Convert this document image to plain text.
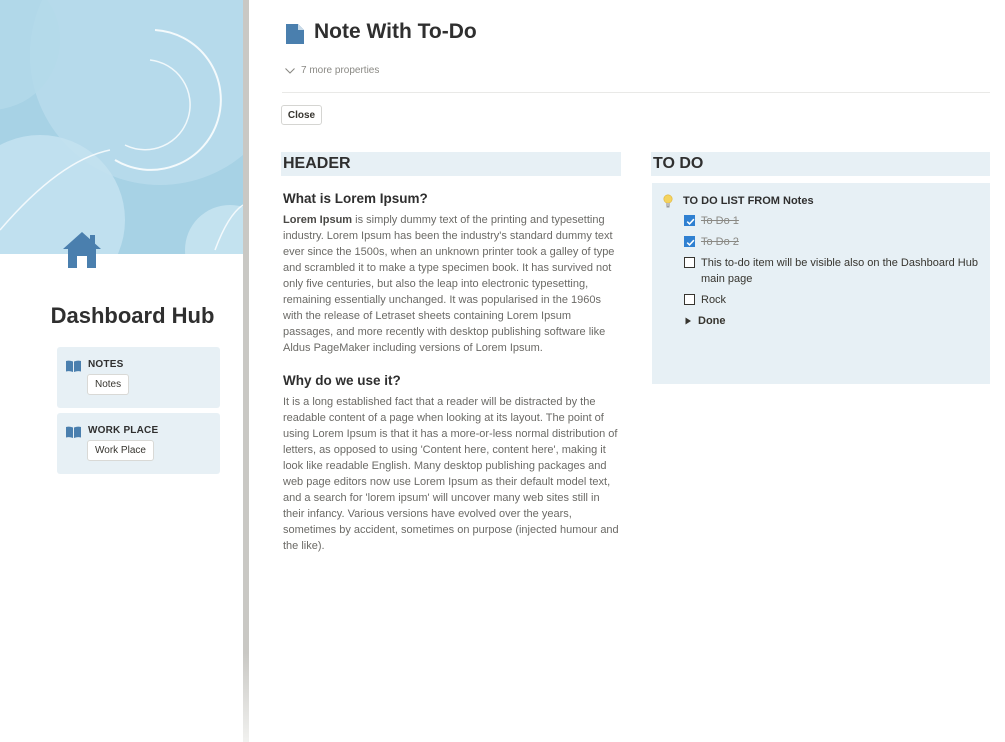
Dashboard Hub
NOTES
Notes
WORK PLACE
Work Place
Note With To-Do
7 more properties
Close
HEADER
What is Lorem Ipsum?
Lorem Ipsum is simply dummy text of the printing and typesetting industry. Lorem Ipsum has been the industry's standard dummy text ever since the 1500s, when an unknown printer took a galley of type and scrambled it to make a type specimen book. It has survived not only five centuries, but also the leap into electronic typesetting, remaining essentially unchanged. It was popularised in the 1960s with the release of Letraset sheets containing Lorem Ipsum passages, and more recently with desktop publishing software like Aldus PageMaker including versions of Lorem Ipsum.
Why do we use it?
It is a long established fact that a reader will be distracted by the readable content of a page when looking at its layout. The point of using Lorem Ipsum is that it has a more-or-less normal distribution of letters, as opposed to using 'Content here, content here', making it look like readable English. Many desktop publishing packages and web page editors now use Lorem Ipsum as their default model text, and a search for 'lorem ipsum' will uncover many web sites still in their infancy. Various versions have evolved over the years, sometimes by accident, sometimes on purpose (injected humour and the like).
TO DO
TO DO LIST FROM Notes
To Do 1
To Do 2
This to-do item will be visible also on the Dashboard Hub main page
Rock
Done
